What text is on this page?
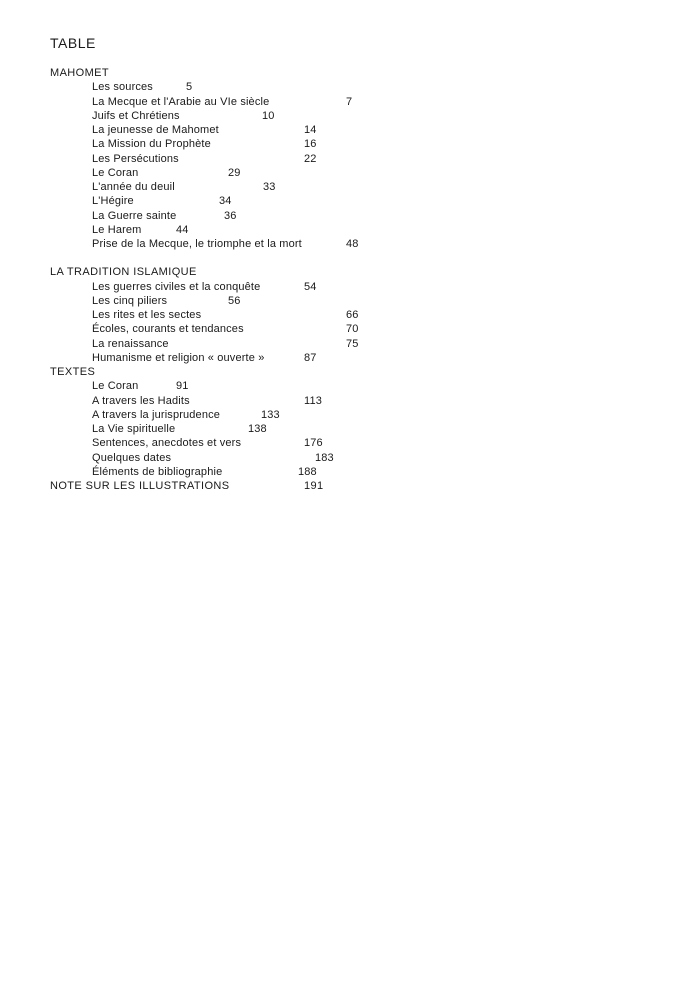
TABLE
MAHOMET
Les sources	5
La Mecque et l'Arabie au VIe siècle	7
Juifs et Chrétiens	10
La jeunesse de Mahomet	14
La Mission du Prophète	16
Les Persécutions	22
Le Coran	29
L'année du deuil	33
L'Hégire	34
La Guerre sainte	36
Le Harem	44
Prise de la Mecque, le triomphe et la mort	48
LA TRADITION ISLAMIQUE
Les guerres civiles et la conquête	54
Les cinq piliers	56
Les rites et les sectes	66
Écoles, courants et tendances	70
La renaissance	75
Humanisme et religion « ouverte »	87
TEXTES
Le Coran	91
A travers les Hadits	113
A travers la jurisprudence	133
La Vie spirituelle	138
Sentences, anecdotes et vers	176
Quelques dates	183
Éléments de bibliographie	188
NOTE SUR LES ILLUSTRATIONS	191
